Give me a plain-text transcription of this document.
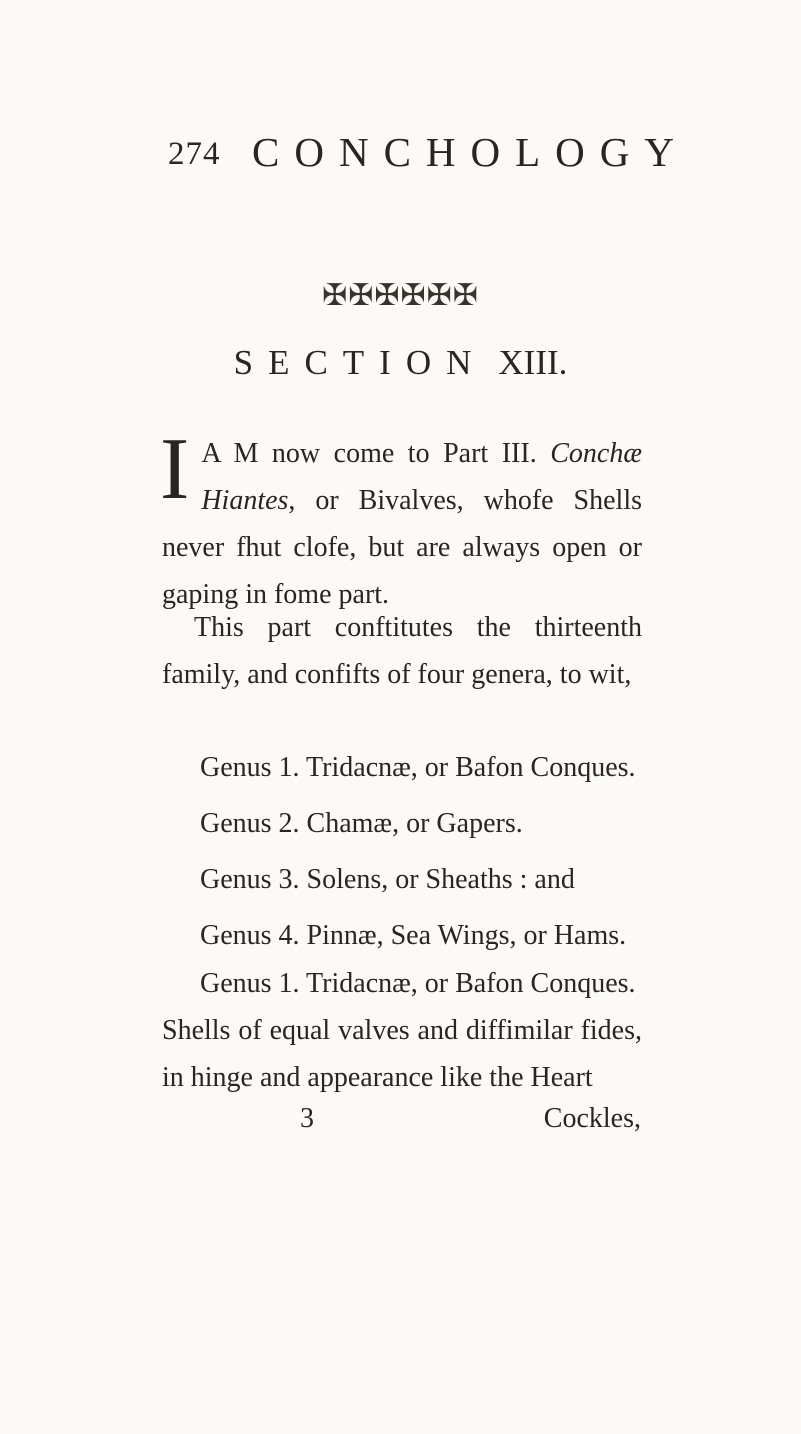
274 CONCHOLOGY
✠✠✠✠✠✠
SECTION XIII.
I A M now come to Part III. Conchæ Hiantes, or Bivalves, whofe Shells never fhut clofe, but are always open or gaping in fome part.
This part conftitutes the thirteenth family, and confifts of four genera, to wit,
Genus 1. Tridacnæ, or Bafon Conques.
Genus 2. Chamæ, or Gapers.
Genus 3. Solens, or Sheaths : and
Genus 4. Pinnæ, Sea Wings, or Hams.
Genus 1. Tridacnæ, or Bafon Conques.
Shells of equal valves and diffimilar fides, in hinge and appearance like the Heart
3	Cockles,
